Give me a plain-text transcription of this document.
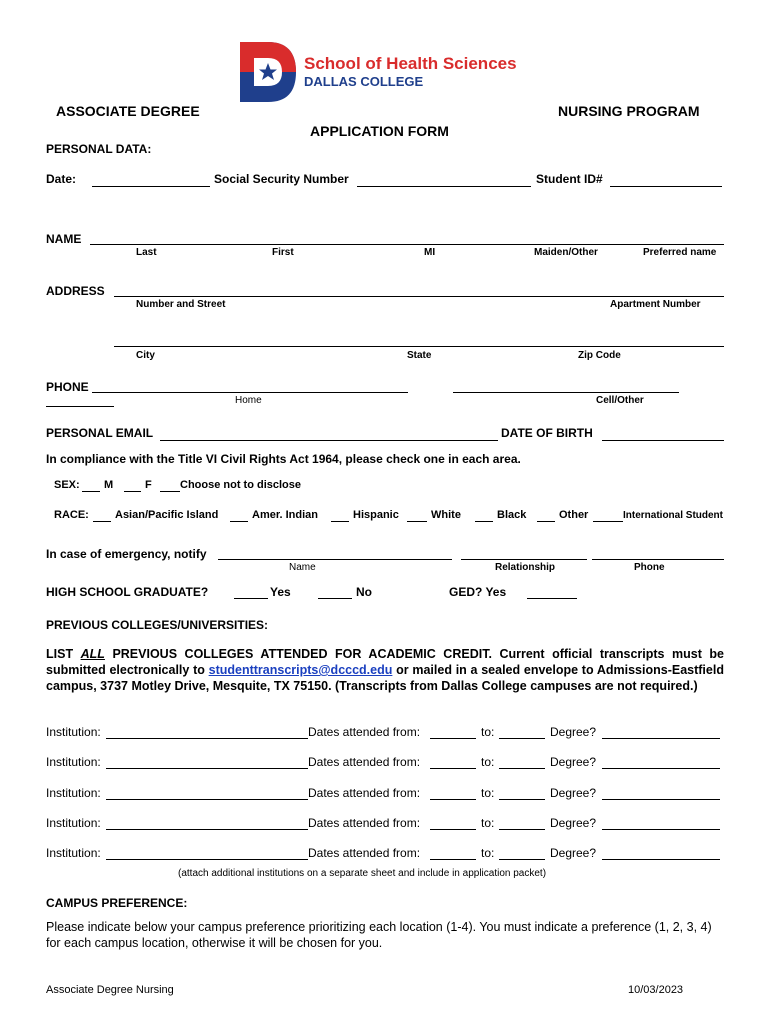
School of Health Sciences
DALLAS COLLEGE
ASSOCIATE DEGREE	NURSING PROGRAM
APPLICATION FORM
PERSONAL DATA:
Date:	Social Security Number	Student ID#
NAME
Last	First	MI	Maiden/Other	Preferred name
ADDRESS
Number and Street	Apartment Number
City	State	Zip Code
PHONE
Home	Cell/Other
PERSONAL EMAIL	DATE OF BIRTH
In compliance with the Title VI Civil Rights Act 1964, please check one in each area.
SEX: M	F	Choose not to disclose
RACE: Asian/Pacific Island	Amer. Indian	Hispanic	White	Black	Other	International Student
In case of emergency, notify
Name	Relationship	Phone
HIGH SCHOOL GRADUATE?	Yes	No	GED? Yes
PREVIOUS COLLEGES/UNIVERSITIES:
LIST ALL PREVIOUS COLLEGES ATTENDED FOR ACADEMIC CREDIT. Current official transcripts must be submitted electronically to studenttranscripts@dcccd.edu or mailed in a sealed envelope to Admissions-Eastfield campus, 3737 Motley Drive, Mesquite, TX 75150. (Transcripts from Dallas College campuses are not required.)
Institution:	Dates attended from:	to:	Degree?
Institution:	Dates attended from:	to:	Degree?
Institution:	Dates attended from:	to:	Degree?
Institution:	Dates attended from:	to:	Degree?
Institution:	Dates attended from:	to:	Degree?
(attach additional institutions on a separate sheet and include in application packet)
CAMPUS PREFERENCE:
Please indicate below your campus preference prioritizing each location (1-4). You must indicate a preference (1, 2, 3, 4) for each campus location, otherwise it will be chosen for you.
Associate Degree Nursing	10/03/2023
